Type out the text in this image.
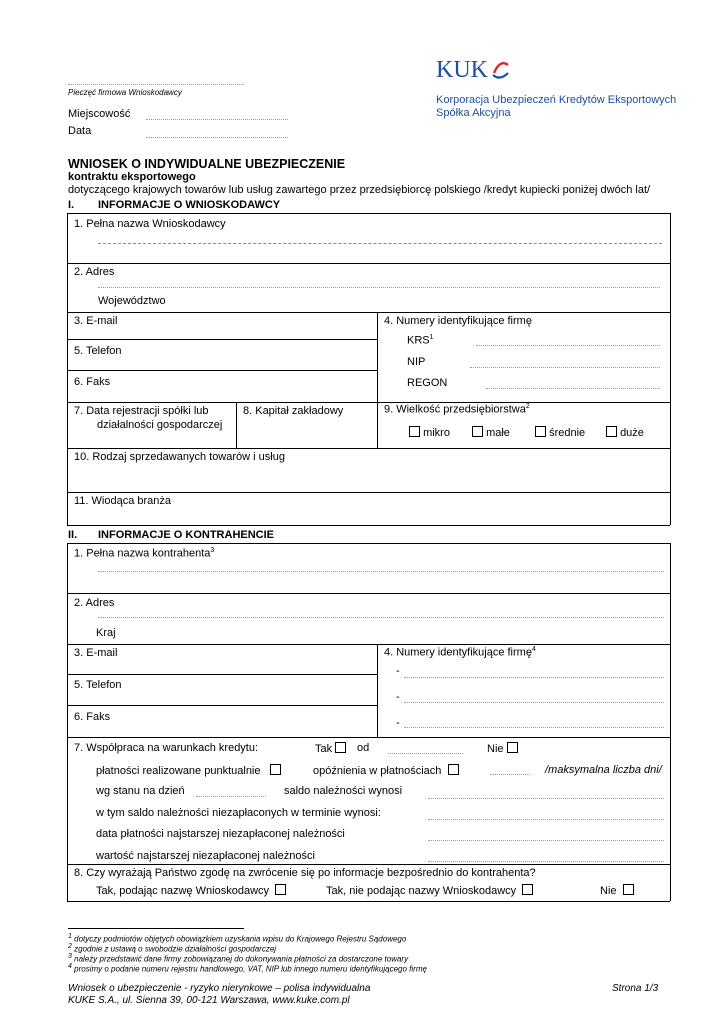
Pieczęć firmowa Wnioskodawcy
Miejscowość
Data
KUK
Korporacja Ubezpieczeń Kredytów Eksportowych
Spółka Akcyjna
WNIOSEK O INDYWIDUALNE UBEZPIECZENIE
kontraktu eksportowego
dotyczącego krajowych towarów lub usług zawartego przez przedsiębiorcę polskiego /kredyt kupiecki poniżej dwóch lat/
I. INFORMACJE O WNIOSKODAWCY
1. Pełna nazwa Wnioskodawcy
2. Adres
Województwo
3. E-mail
5. Telefon
6. Faks
4. Numery identyfikujące firmę
KRS$^1$
NIP
REGON
7. Data rejestracji spółki lub
działalności gospodarczej
8. Kapitał zakładowy	9. Wielkość przedsiębiorstwa$^2$
mikro	małe	średnie	duże
10. Rodzaj sprzedawanych towarów i usług
11. Wiodąca branża
II. INFORMACJE O KONTRAHENCIE
1. Pełna nazwa kontrahenta$^3$
2. Adres
Kraj
3. E-mail
5. Telefon
6. Faks
4. Numery identyfikujące firmę$^4$
-
-
-
7. Współpraca na warunkach kredytu:	Tak	od	Nie
płatności realizowane punktualnie	opóźnienia w płatnościach	/maksymalna liczba dni/
wg stanu na dzień	saldo należności wynosi
w tym saldo należności niezapłaconych w terminie wynosi:
data płatności najstarszej niezapłaconej należności
wartość najstarszej niezapłaconej należności
8. Czy wyrażają Państwo zgodę na zwrócenie się po informacje bezpośrednio do kontrahenta?
Tak, podając nazwę Wnioskodawcy	Tak, nie podając nazwy Wnioskodawcy	Nie
$^1$ dotyczy podmiotów objętych obowiązkiem uzyskania wpisu do Krajowego Rejestru Sądowego
$^2$ zgodnie z ustawą o swobodzie działalności gospodarczej
$^3$ należy przedstawić dane firmy zobowiązanej do dokonywania płatności za dostarczone towary
$^4$ prosimy o podanie numeru rejestru handlowego, VAT, NIP lub innego numeru identyfikującego firmę
Wniosek o ubezpieczenie - ryzyko nierynkowe – polisa indywidualna
KUKE S.A., ul. Sienna 39, 00-121 Warszawa, www.kuke.com.pl
Strona 1/3
